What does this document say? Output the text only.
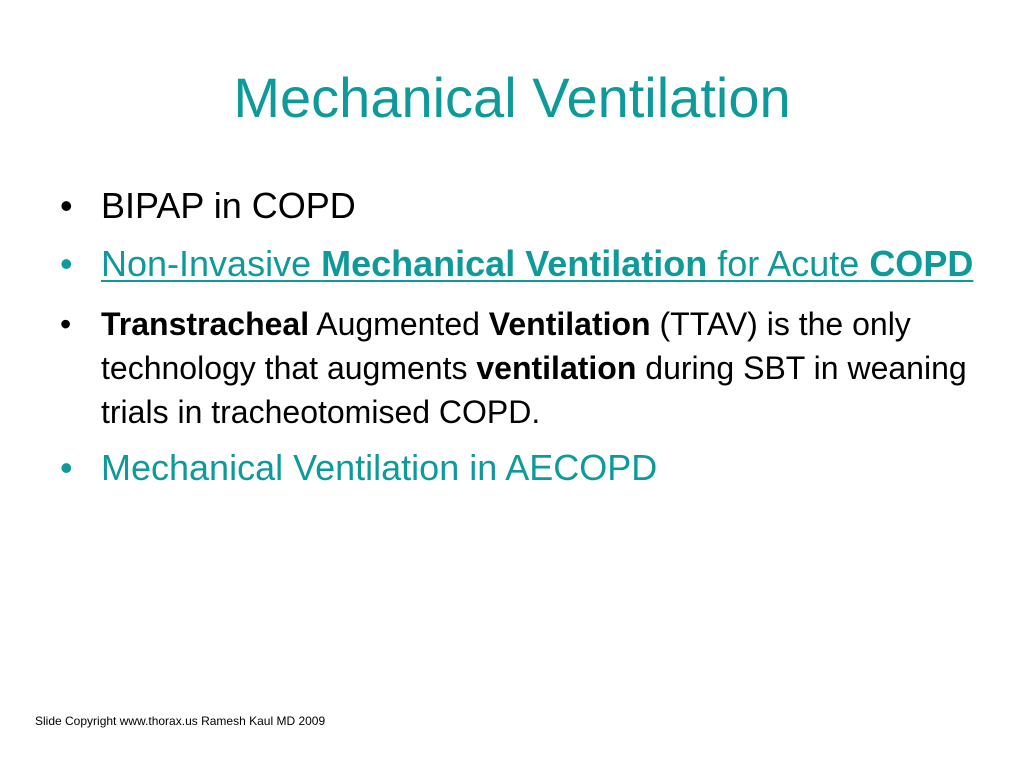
Mechanical Ventilation
• BIPAP in COPD
• Non-Invasive Mechanical Ventilation for Acute COPD
• Transtracheal Augmented Ventilation (TTAV) is the only technology that augments ventilation during SBT in weaning trials in tracheotomised COPD.
• Mechanical Ventilation in AECOPD
Slide Copyright www.thorax.us Ramesh Kaul MD 2009
